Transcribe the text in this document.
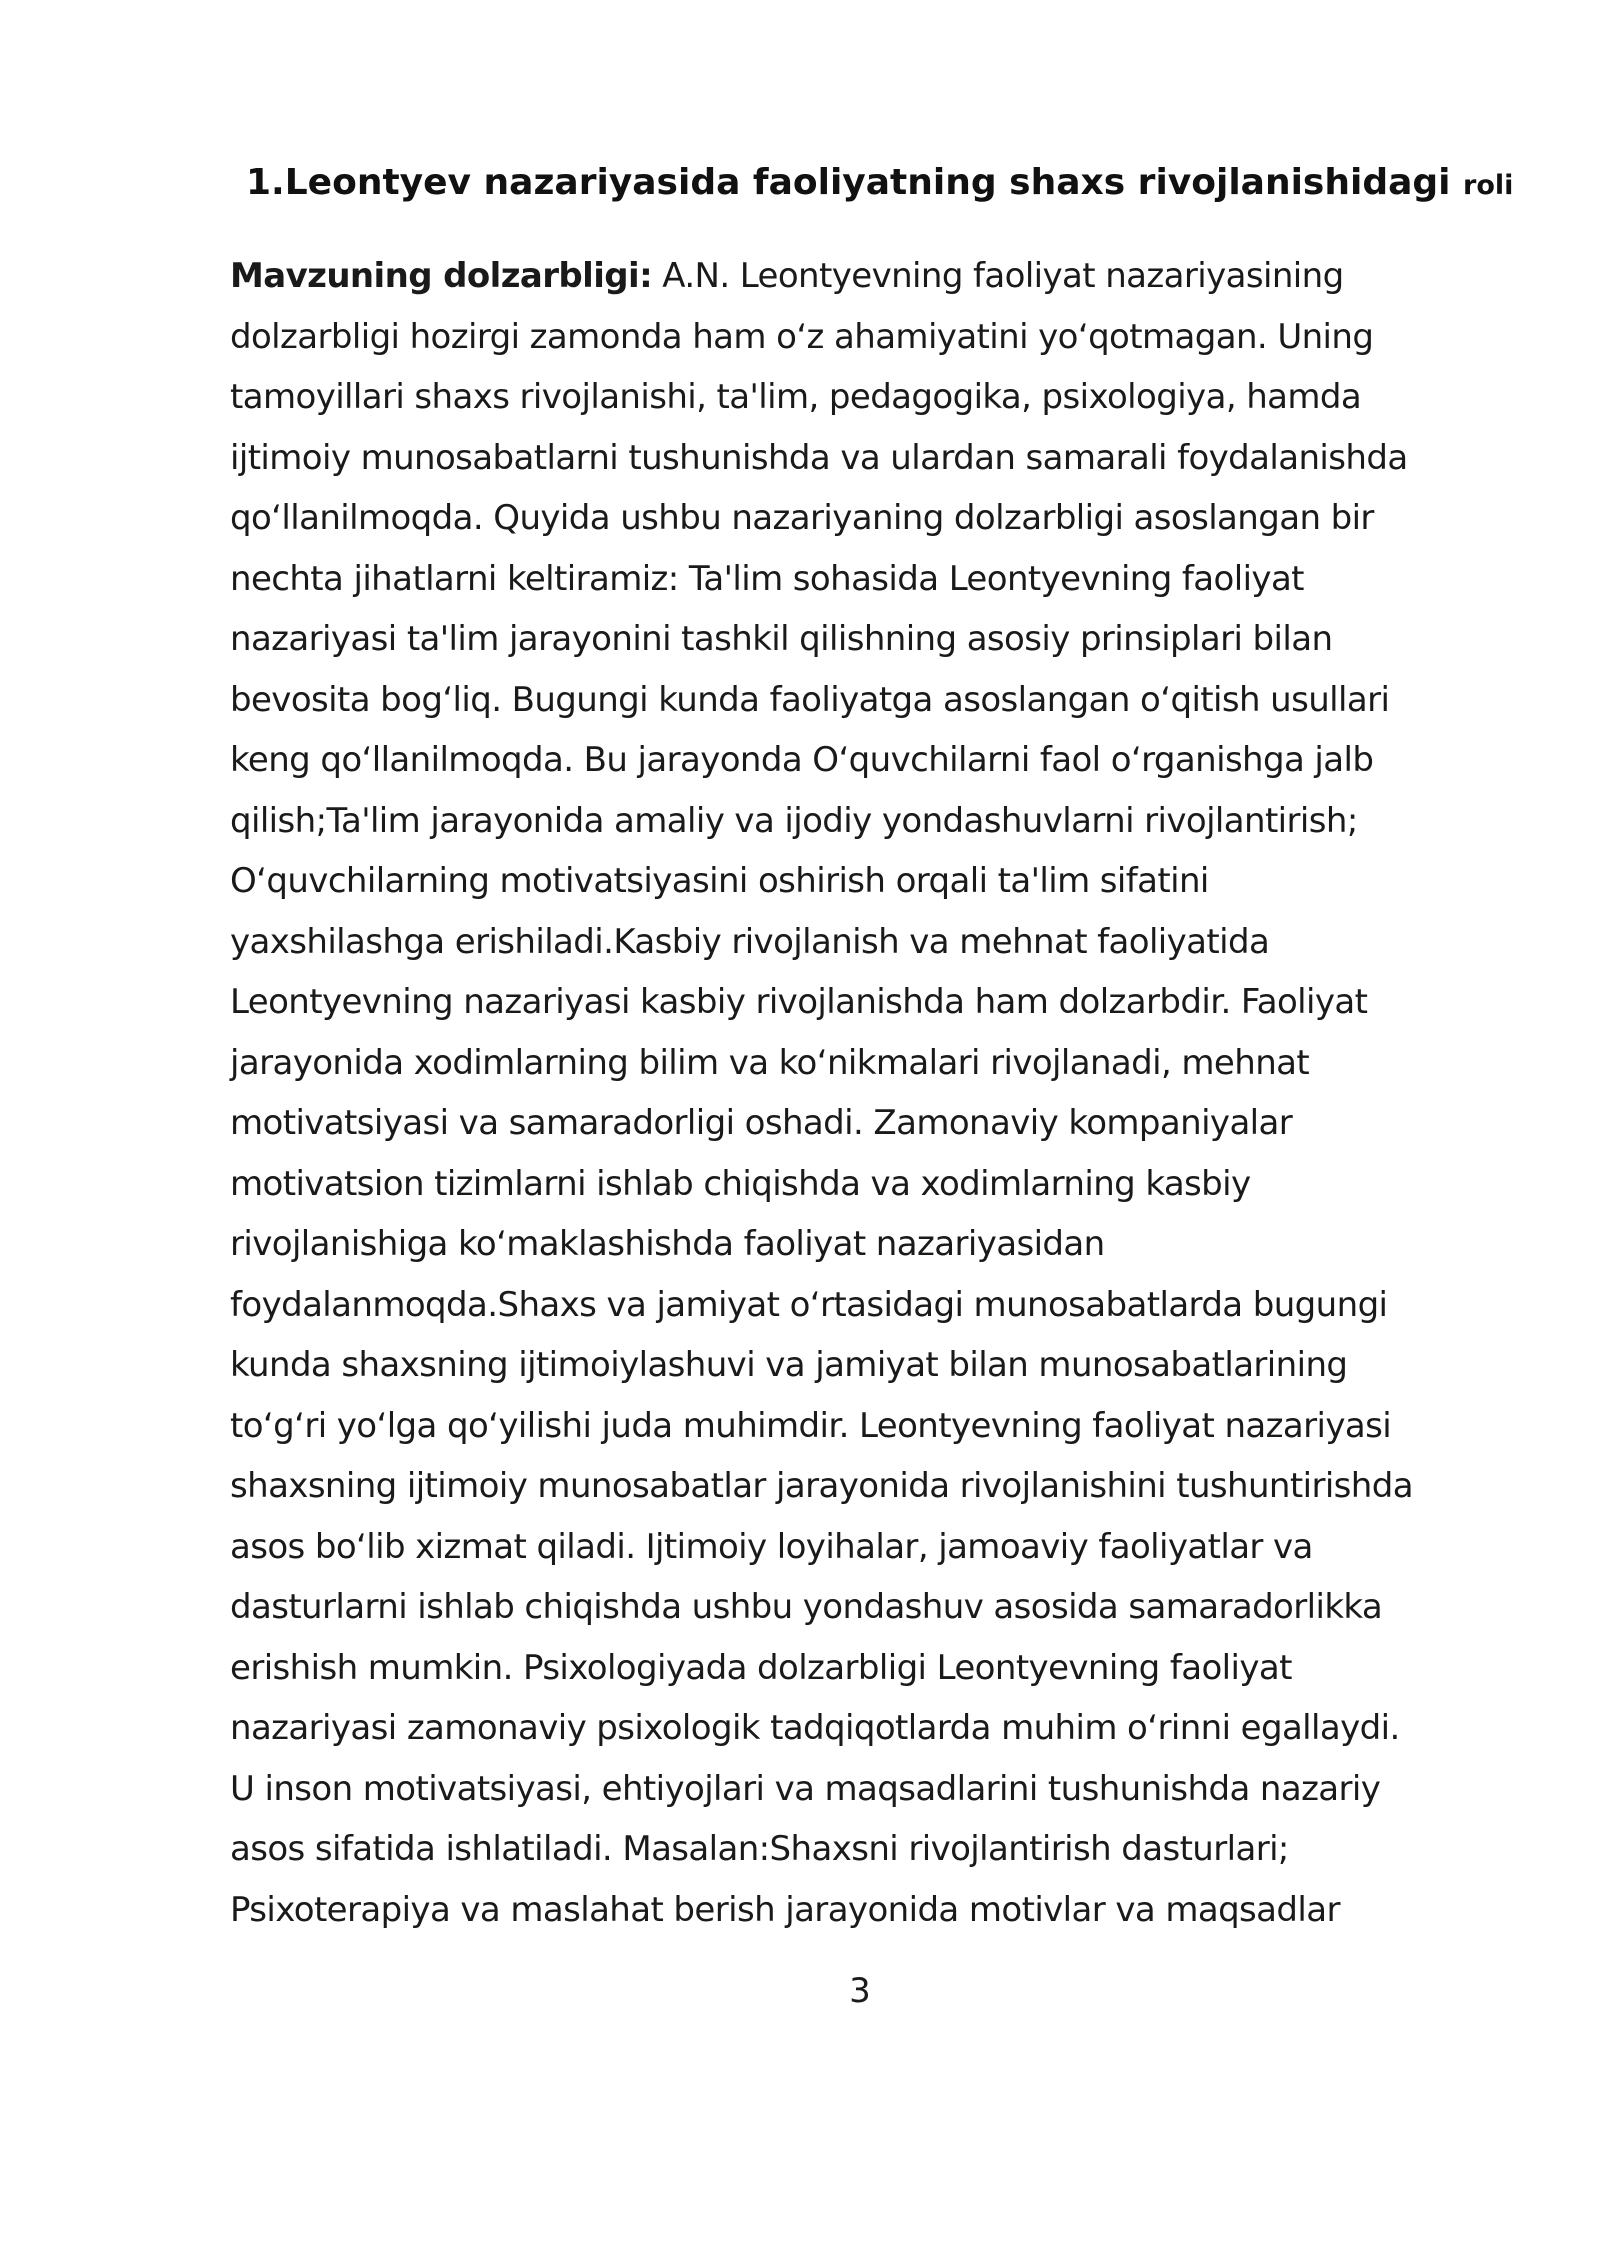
1.Leontyev nazariyasida faoliyatning shaxs rivojlanishidagi roli
Mavzuning dolzarbligi: A.N. Leontyevning faoliyat nazariyasining
dolzarbligi hozirgi zamonda ham o‘z ahamiyatini yo‘qotmagan. Uning
tamoyillari shaxs rivojlanishi, ta'lim, pedagogika, psixologiya, hamda
ijtimoiy munosabatlarni tushunishda va ulardan samarali foydalanishda
qo‘llanilmoqda. Quyida ushbu nazariyaning dolzarbligi asoslangan bir
nechta jihatlarni keltiramiz: Ta'lim sohasida Leontyevning faoliyat
nazariyasi ta'lim jarayonini tashkil qilishning asosiy prinsiplari bilan
bevosita bog‘liq. Bugungi kunda faoliyatga asoslangan o‘qitish usullari
keng qo‘llanilmoqda. Bu jarayonda O‘quvchilarni faol o‘rganishga jalb
qilish;Ta'lim jarayonida amaliy va ijodiy yondashuvlarni rivojlantirish;
O‘quvchilarning motivatsiyasini oshirish orqali ta'lim sifatini
yaxshilashga erishiladi.Kasbiy rivojlanish va mehnat faoliyatida
Leontyevning nazariyasi kasbiy rivojlanishda ham dolzarbdir. Faoliyat
jarayonida xodimlarning bilim va ko‘nikmalari rivojlanadi, mehnat
motivatsiyasi va samaradorligi oshadi. Zamonaviy kompaniyalar
motivatsion tizimlarni ishlab chiqishda va xodimlarning kasbiy
rivojlanishiga ko‘maklashishda faoliyat nazariyasidan
foydalanmoqda.Shaxs va jamiyat o‘rtasidagi munosabatlarda bugungi
kunda shaxsning ijtimoiylashuvi va jamiyat bilan munosabatlarining
to‘g‘ri yo‘lga qo‘yilishi juda muhimdir. Leontyevning faoliyat nazariyasi
shaxsning ijtimoiy munosabatlar jarayonida rivojlanishini tushuntirishda
asos bo‘lib xizmat qiladi. Ijtimoiy loyihalar, jamoaviy faoliyatlar va
dasturlarni ishlab chiqishda ushbu yondashuv asosida samaradorlikka
erishish mumkin. Psixologiyada dolzarbligi Leontyevning faoliyat
nazariyasi zamonaviy psixologik tadqiqotlarda muhim o‘rinni egallaydi.
U inson motivatsiyasi, ehtiyojlari va maqsadlarini tushunishda nazariy
asos sifatida ishlatiladi. Masalan:Shaxsni rivojlantirish dasturlari;
Psixoterapiya va maslahat berish jarayonida motivlar va maqsadlar
3
